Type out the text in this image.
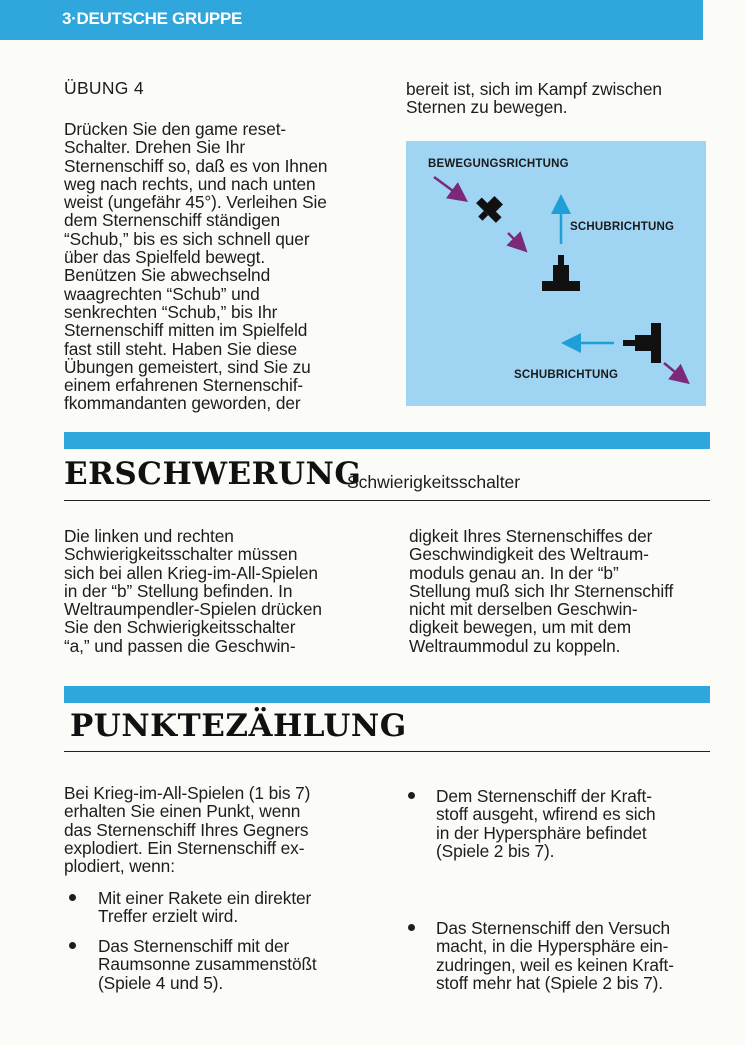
3·DEUTSCHE GRUPPE
ÜBUNG 4
Drücken Sie den game reset-
Schalter. Drehen Sie Ihr
Sternenschiff so, daß es von Ihnen
weg nach rechts, und nach unten
weist (ungefähr 45°). Verleihen Sie
dem Sternenschiff ständigen
“Schub,” bis es sich schnell quer
über das Spielfeld bewegt.
Benützen Sie abwechselnd
waagrechten “Schub” und
senkrechten “Schub,” bis Ihr
Sternenschiff mitten im Spielfeld
fast still steht. Haben Sie diese
Übungen gemeistert, sind Sie zu
einem erfahrenen Sternenschif-
fkommandanten geworden, der
bereit ist, sich im Kampf zwischen
Sternen zu bewegen.
BEWEGUNGSRICHTUNG
SCHUBRICHTUNG
SCHUBRICHTUNG
ERSCHWERUNG
Schwierigkeitsschalter
Die linken und rechten
Schwierigkeitsschalter müssen
sich bei allen Krieg-im-All-Spielen
in der “b” Stellung befinden. In
Weltraumpendler-Spielen drücken
Sie den Schwierigkeitsschalter
“a,” und passen die Geschwin-
digkeit Ihres Sternenschiffes der
Geschwindigkeit des Weltraum-
moduls genau an. In der “b”
Stellung muß sich Ihr Sternenschiff
nicht mit derselben Geschwin-
digkeit bewegen, um mit dem
Weltraummodul zu koppeln.
PUNKTEZÄHLUNG
Bei Krieg-im-All-Spielen (1 bis 7)
erhalten Sie einen Punkt, wenn
das Sternenschiff Ihres Gegners
explodiert. Ein Sternenschiff ex-
plodiert, wenn:
Mit einer Rakete ein direkter
Treffer erzielt wird.
Das Sternenschiff mit der
Raumsonne zusammenstößt
(Spiele 4 und 5).
Dem Sternenschiff der Kraft-
stoff ausgeht, wfirend es sich
in der Hypersphäre befindet
(Spiele 2 bis 7).
Das Sternenschiff den Versuch
macht, in die Hypersphäre ein-
zudringen, weil es keinen Kraft-
stoff mehr hat (Spiele 2 bis 7).
